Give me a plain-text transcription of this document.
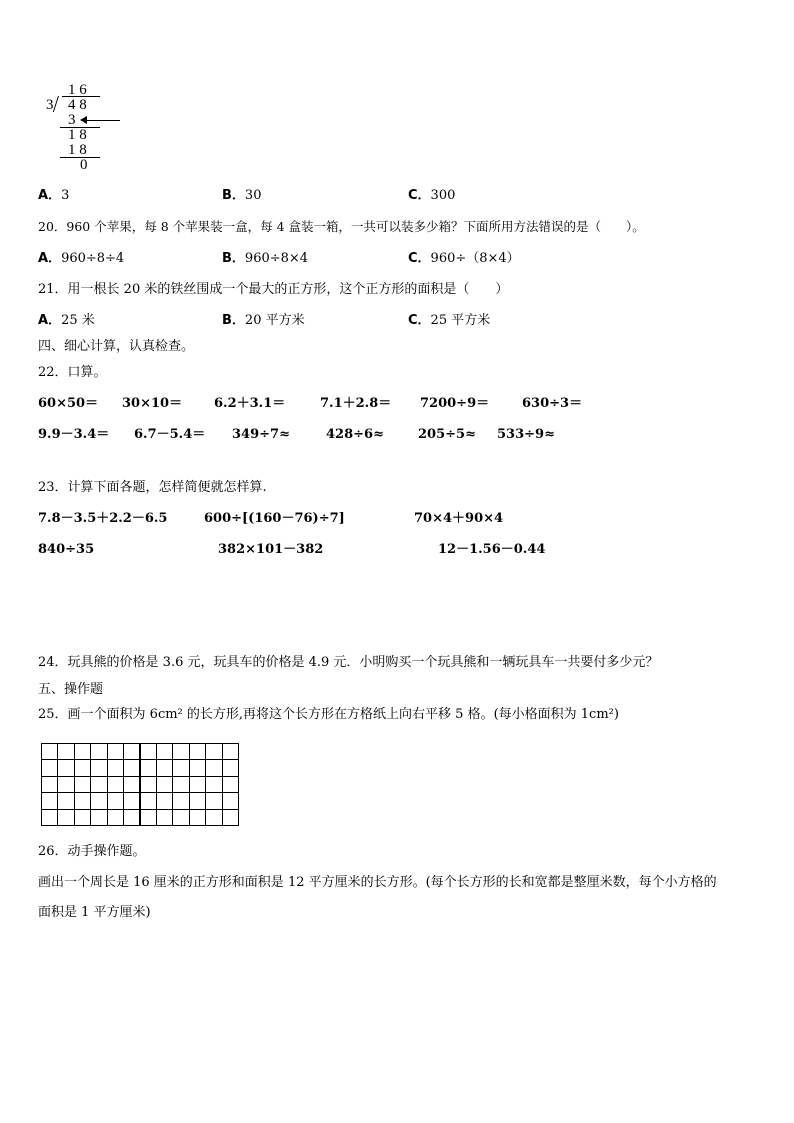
1 6
3 4 8
3
1 8
1 8
0
A．3	B．30	C．300
20．960 个苹果，每 8 个苹果装一盒，每 4 盒装一箱，一共可以装多少箱？下面所用方法错误的是（　　）。
A．960÷8÷4	B．960÷8×4	C．960÷（8×4）
21．用一根长 20 米的铁丝围成一个最大的正方形，这个正方形的面积是（　　）
A．25 米	B．20 平方米	C．25 平方米
四、细心计算，认真检查。
22．口算。
60×50＝ 30×10＝ 6.2＋3.1＝	7.1＋2.8＝ 7200÷9＝	630÷3＝
9.9－3.4＝ 6.7－5.4＝ 349÷7≈	428÷6≈	205÷5≈ 533÷9≈
23．计算下面各题，怎样简便就怎样算.
7.8－3.5＋2.2－6.5	600÷[(160－76)÷7]	70×4＋90×4
840÷35	382×101－382	12－1.56－0.44
24．玩具熊的价格是 3.6 元，玩具车的价格是 4.9 元．小明购买一个玩具熊和一辆玩具车一共要付多少元？
五、操作题
25．画一个面积为 6cm² 的长方形,再将这个长方形在方格纸上向右平移 5 格。(每小格面积为 1cm²)
26．动手操作题。
画出一个周长是 16 厘米的正方形和面积是 12 平方厘米的长方形。(每个长方形的长和宽都是整厘米数，每个小方格的
面积是 1 平方厘米)
